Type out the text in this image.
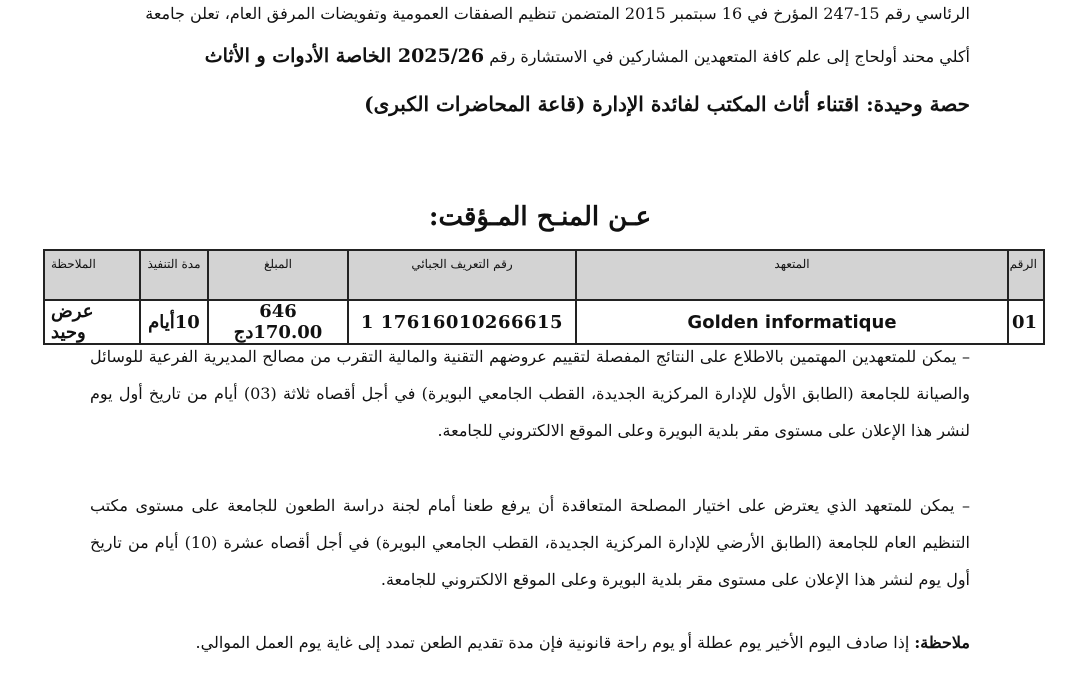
الرئاسي رقم 15-247 المؤرخ في 16 سبتمبر 2015 المتضمن تنظيم الصفقات العمومية وتفويضات المرفق العام، تعلن جامعة
أكلي محند أولحاج إلى علم كافة المتعهدين المشاركين في الاستشارة رقم 2025/26 الخاصة الأدوات و الأثاث
حصة وحيدة: اقتناء أثاث المكتب لفائدة الإدارة (قاعة المحاضرات الكبرى)
عـن المنـح المـؤقت:
الرقم	المتعهد	رقم التعريف الجبائي	المبلغ	مدة التنفيذ	الملاحظة
01	Golden informatique	17616010266615 1	646 170.00دج	10أيام	عرض وحيد
– يمكن للمتعهدين المهتمين بالاطلاع على النتائج المفصلة لتقييم عروضهم التقنية والمالية التقرب من مصالح المديرية الفرعية للوسائل والصيانة للجامعة (الطابق الأول للإدارة المركزية الجديدة، القطب الجامعي البويرة) في أجل أقصاه ثلاثة (03) أيام من تاريخ أول يوم لنشر هذا الإعلان على مستوى مقر بلدية البويرة وعلى الموقع الالكتروني للجامعة.
– يمكن للمتعهد الذي يعترض على اختيار المصلحة المتعاقدة أن يرفع طعنا أمام لجنة دراسة الطعون للجامعة على مستوى مكتب التنظيم العام للجامعة (الطابق الأرضي للإدارة المركزية الجديدة، القطب الجامعي البويرة) في أجل أقصاه عشرة (10) أيام من تاريخ أول يوم لنشر هذا الإعلان على مستوى مقر بلدية البويرة وعلى الموقع الالكتروني للجامعة.
ملاحظة: إذا صادف اليوم الأخير يوم عطلة أو يوم راحة قانونية فإن مدة تقديم الطعن تمدد إلى غاية يوم العمل الموالي.
